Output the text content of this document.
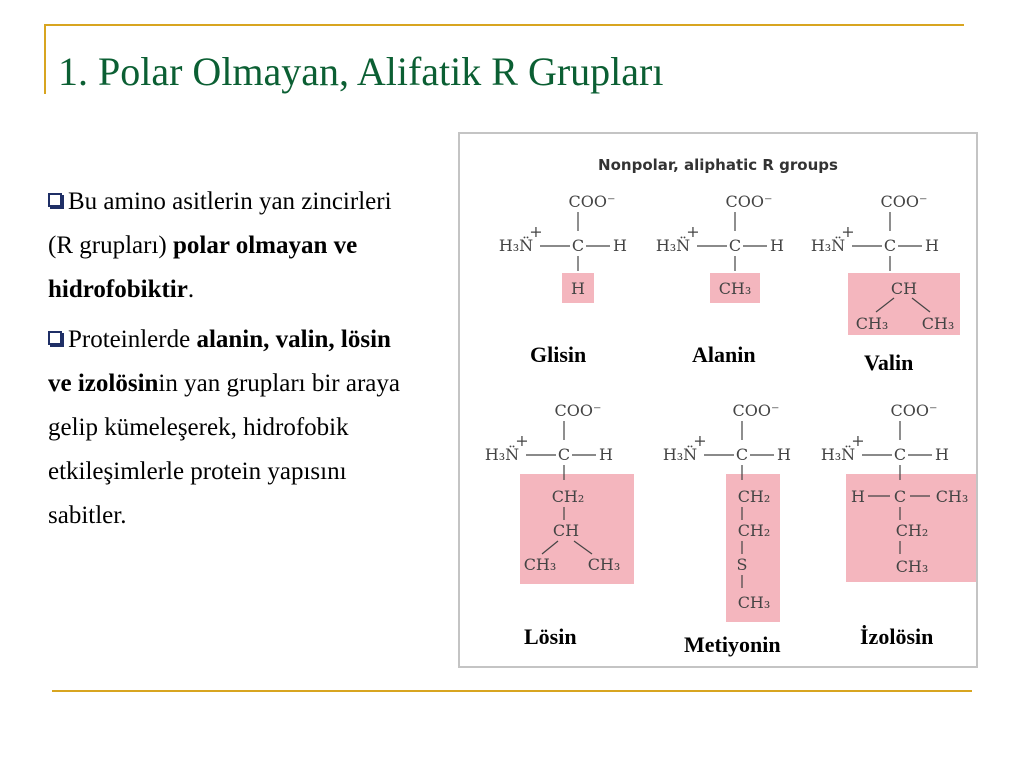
1. Polar Olmayan, Alifatik R Grupları

Bu amino asitlerin yan zincirleri (R grupları) polar olmayan ve hidrofobiktir.

Proteinlerde alanin, valin, lösin ve izolösinin yan grupları bir araya gelip kümeleşerek, hidrofobik etkileşimlerle protein yapısını sabitler.

Nonpolar, aliphatic R groups
COO⁻
H₃N̈
+
C H
H
COO⁻
H₃N̈
+
C H
CH₃
COO⁻
H₃N̈
+
C H
CH
CH₃ CH₃
COO⁻
H₃N̈
+
C H
CH₂
CH
CH₃ CH₃
COO⁻
H₃N̈
+
C H
CH₂
CH₂
S
CH₃
COO⁻
H₃N̈
+
C H
H C CH₃
CH₂
CH₃
Glisin	Alanin	Valin
Lösin	Metiyonin	İzolösin
